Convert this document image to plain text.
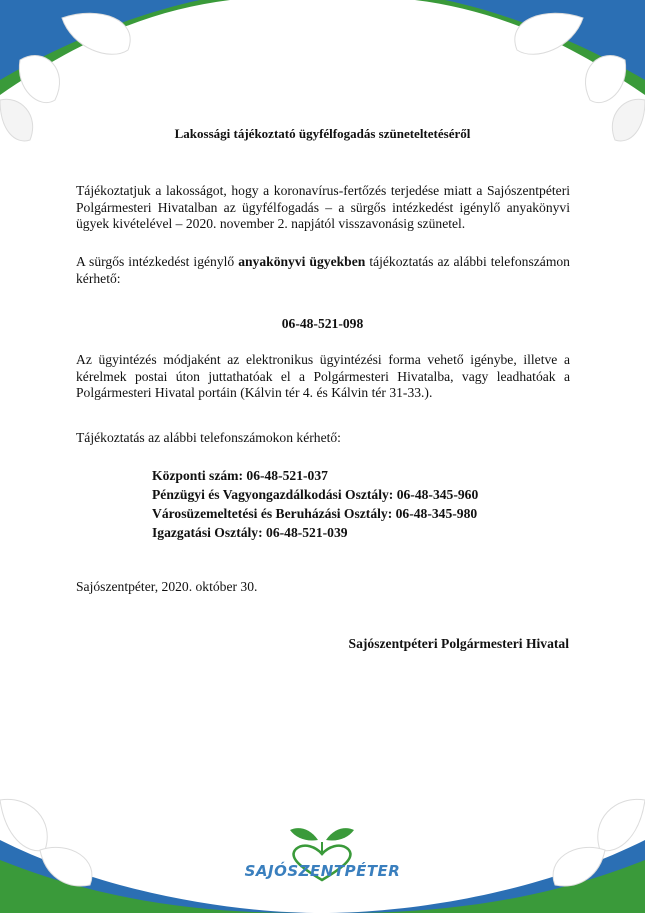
Lakossági tájékoztató ügyfélfogadás szüneteltetéséről
Tájékoztatjuk a lakosságot, hogy a koronavírus-fertőzés terjedése miatt a Sajószentpéteri Polgármesteri Hivatalban az ügyfélfogadás – a sürgős intézkedést igénylő anyakönyvi ügyek kivételével – 2020. november 2. napjától visszavonásig szünetel.
A sürgős intézkedést igénylő anyakönyvi ügyekben tájékoztatás az alábbi telefonszámon kérhető:
06-48-521-098
Az ügyintézés módjaként az elektronikus ügyintézési forma vehető igénybe, illetve a kérelmek postai úton juttathatóak el a Polgármesteri Hivatalba, vagy leadhatóak a Polgármesteri Hivatal portáin (Kálvin tér 4. és Kálvin tér 31-33.).
Tájékoztatás az alábbi telefonszámokon kérhető:
Központi szám: 06-48-521-037
Pénzügyi és Vagyongazdálkodási Osztály: 06-48-345-960
Városüzemeltetési és Beruházási Osztály: 06-48-345-980
Igazgatási Osztály: 06-48-521-039
Sajószentpéter, 2020. október 30.
Sajószentpéteri Polgármesteri Hivatal
SAJÓSZENTPÉTER
